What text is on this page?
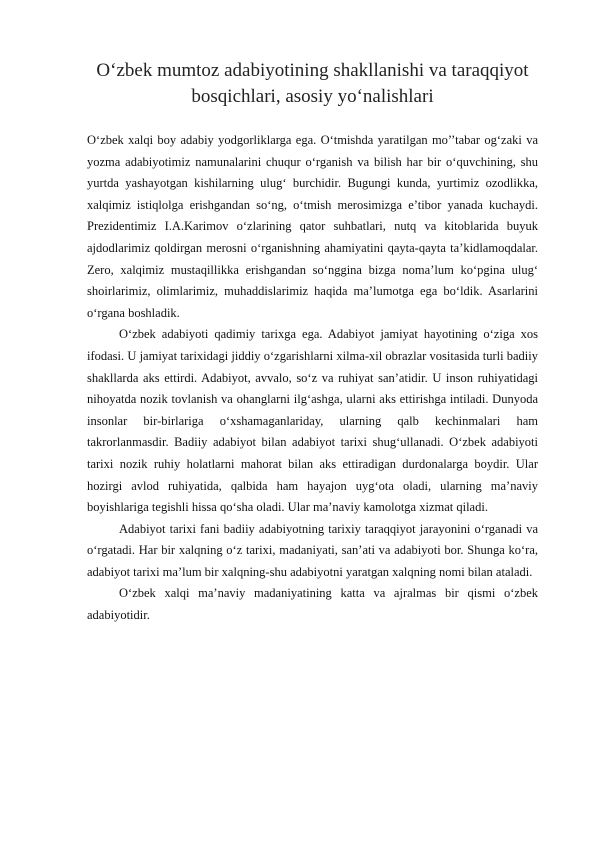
O‘zbek mumtoz adabiyotining shakllanishi va taraqqiyot bosqichlari, asosiy yo‘nalishlari

O‘zbek xalqi boy adabiy yodgorliklarga ega. O‘tmishda yaratilgan mo’’tabar og‘zaki va yozma adabiyotimiz namunalarini chuqur o‘rganish va bilish har bir o‘quvchining, shu yurtda yashayotgan kishilarning ulug‘ burchidir. Bugungi kunda, yurtimiz ozodlikka, xalqimiz istiqlolga erishgandan so‘ng, o‘tmish merosimizga e’tibor yanada kuchaydi. Prezidentimiz I.A.Karimov o‘zlarining qator suhbatlari, nutq va kitoblarida buyuk ajdodlarimiz qoldirgan merosni o‘rganishning ahamiyatini qayta-qayta ta’kidlamoqdalar. Zero, xalqimiz mustaqillikka erishgandan so‘nggina bizga noma’lum ko‘pgina ulug‘ shoirlarimiz, olimlarimiz, muhaddislarimiz haqida ma’lumotga ega bo‘ldik. Asarlarini o‘rgana boshladik.

O‘zbek adabiyoti qadimiy tarixga ega. Adabiyot jamiyat hayotining o‘ziga xos ifodasi. U jamiyat tarixidagi jiddiy o‘zgarishlarni xilma-xil obrazlar vositasida turli badiiy shakllarda aks ettirdi. Adabiyot, avvalo, so‘z va ruhiyat san’atidir. U inson ruhiyatidagi nihoyatda nozik tovlanish va ohanglarni ilg‘ashga, ularni aks ettirishga intiladi. Dunyoda insonlar bir-birlariga o‘xshamaganlariday, ularning qalb kechinmalari ham takrorlanmasdir. Badiiy adabiyot bilan adabiyot tarixi shug‘ullanadi. O‘zbek adabiyoti tarixi nozik ruhiy holatlarni mahorat bilan aks ettiradigan durdonalarga boydir. Ular hozirgi avlod ruhiyatida, qalbida ham hayajon uyg‘ota oladi, ularning ma’naviy boyishlariga tegishli hissa qo‘sha oladi. Ular ma’naviy kamolotga xizmat qiladi.

Adabiyot tarixi fani badiiy adabiyotning tarixiy taraqqiyot jarayonini o‘rganadi va o‘rgatadi. Har bir xalqning o‘z tarixi, madaniyati, san’ati va adabiyoti bor. Shunga ko‘ra, adabiyot tarixi ma’lum bir xalqning-shu adabiyotni yaratgan xalqning nomi bilan ataladi.

O‘zbek xalqi ma’naviy madaniyatining katta va ajralmas bir qismi o‘zbek adabiyotidir.
